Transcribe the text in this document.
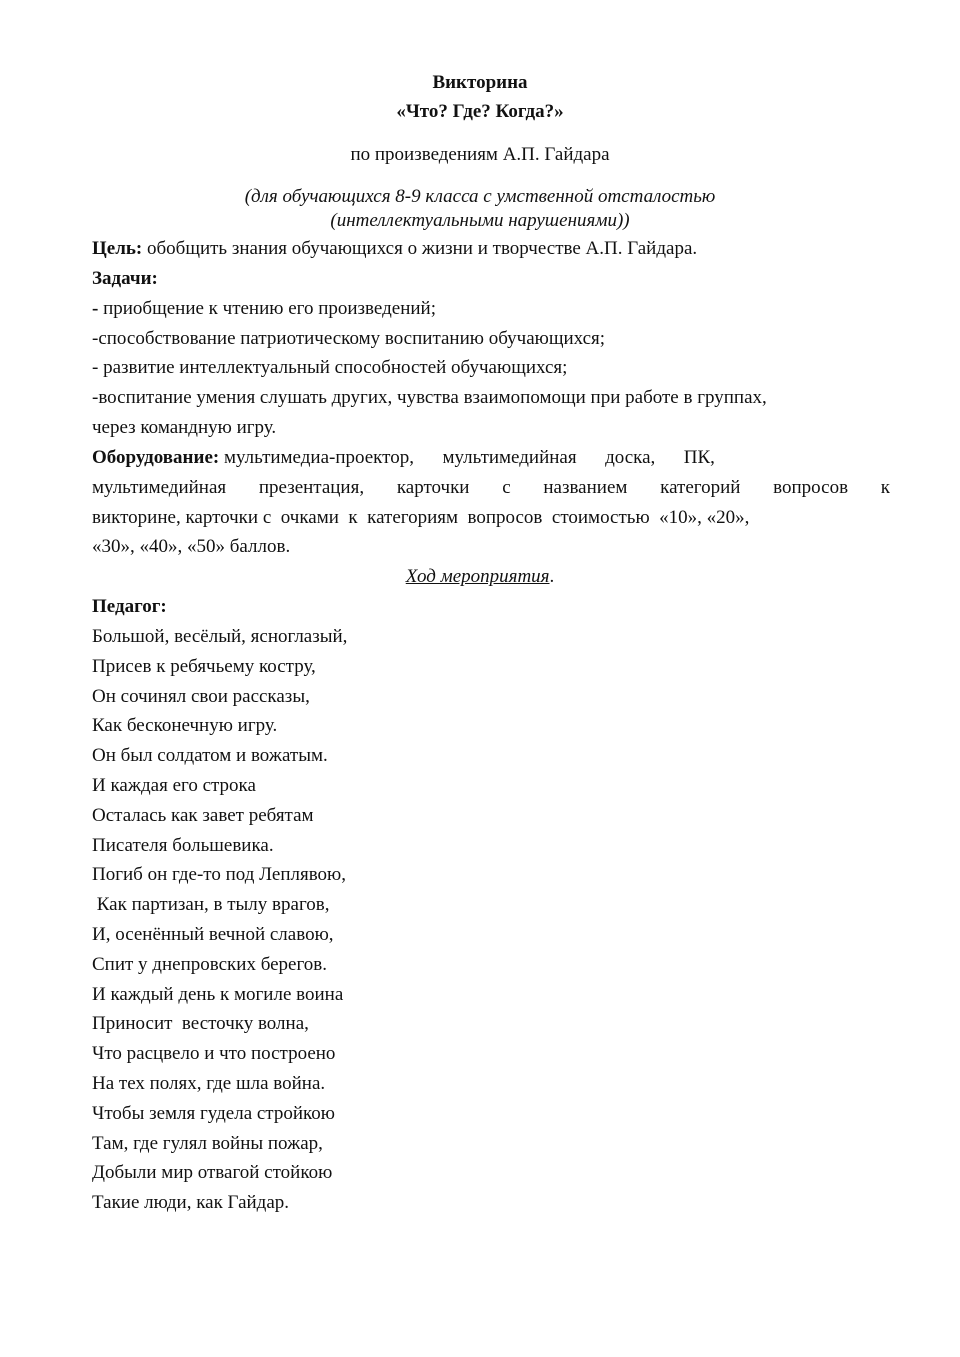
Викторина
«Что? Где? Когда?»
по произведениям А.П. Гайдара
(для обучающихся 8-9 класса с умственной отсталостью
(интеллектуальными нарушениями))
Цель: обобщить знания обучающихся о жизни и творчестве А.П. Гайдара.
Задачи:
- приобщение к чтению его произведений;
-способствование патриотическому воспитанию обучающихся;
- развитие интеллектуальный способностей обучающихся;
-воспитание умения слушать других, чувства взаимопомощи при работе в группах,
через командную игру.
Оборудование: мультимедиа-проектор,      мультимедийная      доска,      ПК,
мультимедийная презентация, карточки с названием категорий вопросов к
викторине, карточки с  очками  к  категориям  вопросов  стоимостью  «10», «20»,
«30», «40», «50» баллов.
Ход мероприятия.
Педагог:
Большой, весёлый, ясноглазый,
Присев к ребячьему костру,
Он сочинял свои рассказы,
Как бесконечную игру.
Он был солдатом и вожатым.
И каждая его строка
Осталась как завет ребятам
Писателя большевика.
Погиб он где-то под Леплявою,
Как партизан, в тылу врагов,
И, осенённый вечной славою,
Спит у днепровских берегов.
И каждый день к могиле воина
Приносит  весточку волна,
Что расцвело и что построено
На тех полях, где шла война.
Чтобы земля гудела стройкою
Там, где гулял войны пожар,
Добыли мир отвагой стойкою
Такие люди, как Гайдар.
